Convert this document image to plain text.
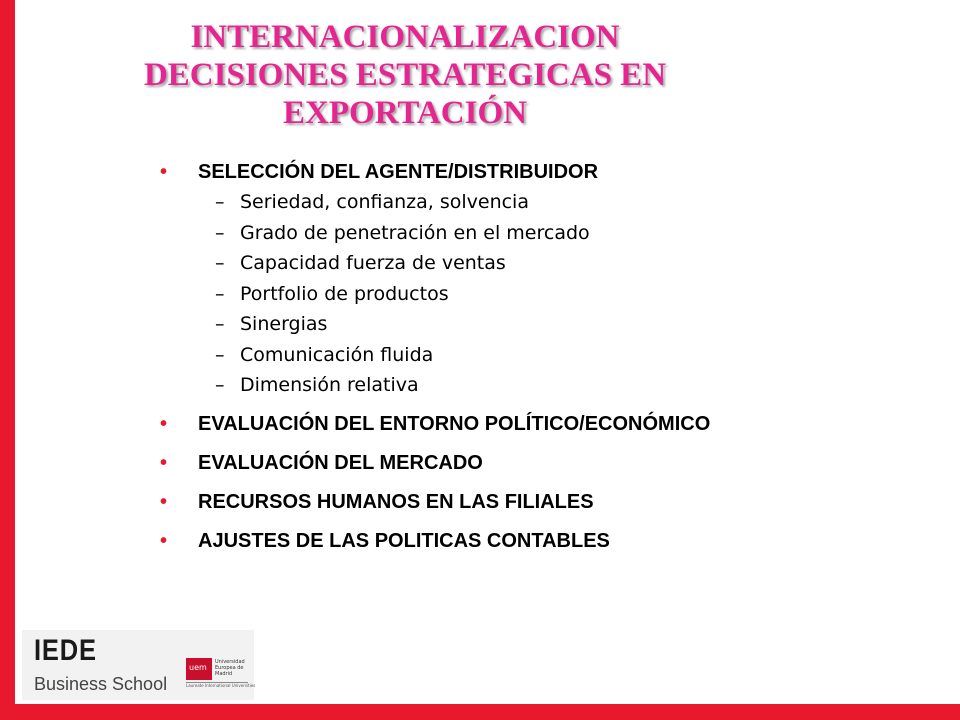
INTERNACIONALIZACION
DECISIONES ESTRATEGICAS EN
EXPORTACIÓN
• SELECCIÓN DEL AGENTE/DISTRIBUIDOR
– Seriedad, confianza, solvencia
– Grado de penetración en el mercado
– Capacidad fuerza de ventas
– Portfolio de productos
– Sinergias
– Comunicación fluida
– Dimensión relativa
• EVALUACIÓN DEL ENTORNO POLÍTICO/ECONÓMICO
• EVALUACIÓN DEL MERCADO
• RECURSOS HUMANOS EN LAS FILIALES
• AJUSTES DE LAS POLITICAS CONTABLES
IEDE
Business School
uem
Universidad Europea de Madrid
Laureate International Universities
